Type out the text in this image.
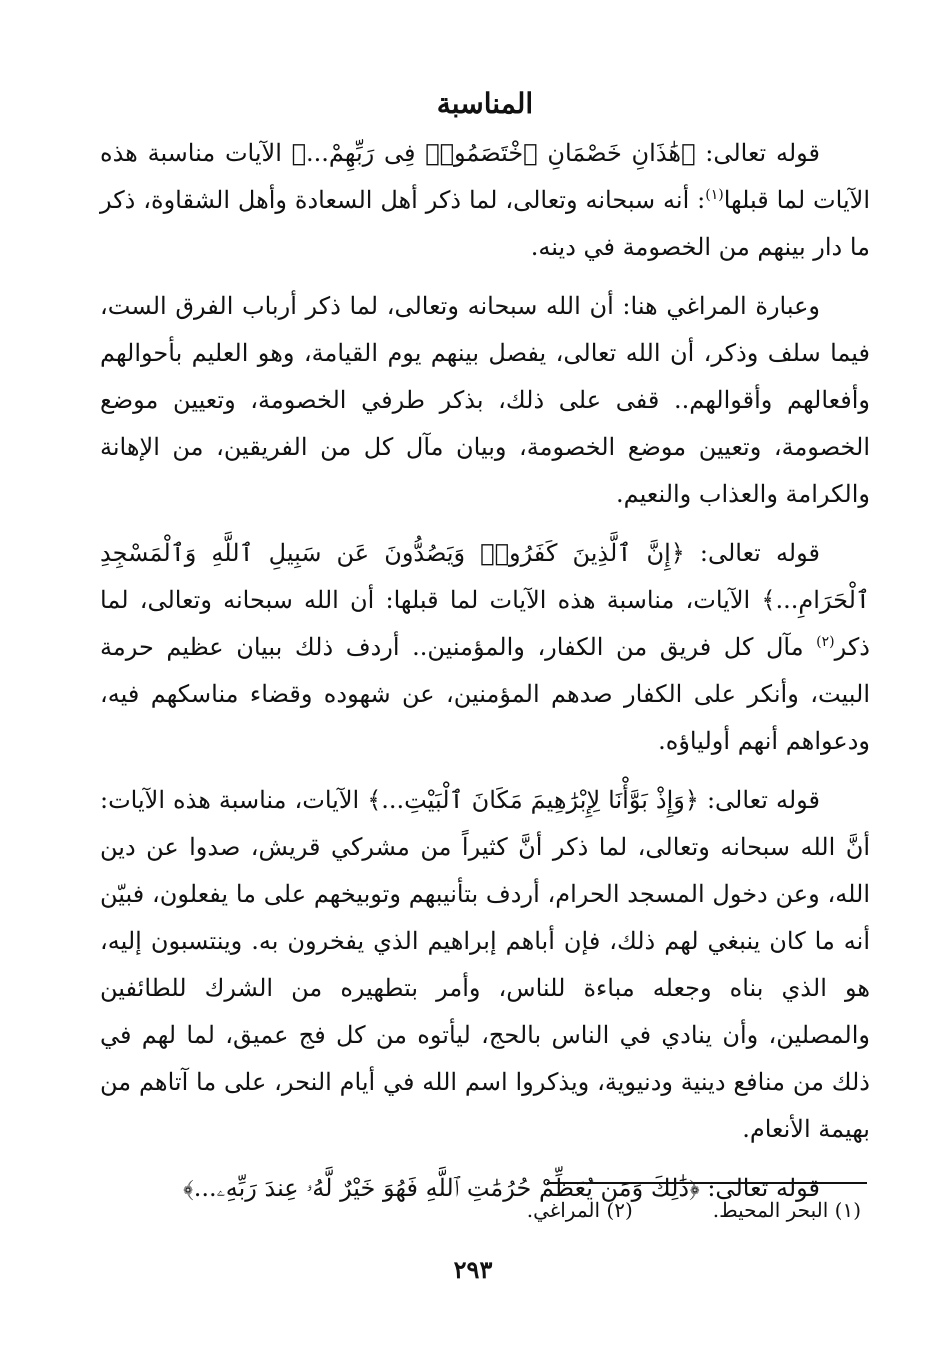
المناسبة

قوله تعالى: ﴿هَٰذَانِ خَصْمَانِ ٱخْتَصَمُوا۟ فِى رَبِّهِمْ...﴾ الآيات مناسبة هذه الآيات لما قبلها$^{(١)}$: أنه سبحانه وتعالى، لما ذكر أهل السعادة وأهل الشقاوة، ذكر ما دار بينهم من الخصومة في دينه.

وعبارة المراغي هنا: أن الله سبحانه وتعالى، لما ذكر أرباب الفرق الست، فيما سلف وذكر، أن الله تعالى، يفصل بينهم يوم القيامة، وهو العليم بأحوالهم وأفعالهم وأقوالهم.. قفى على ذلك، بذكر طرفي الخصومة، وتعيين موضع الخصومة، وتعيين موضع الخصومة، وبيان مآل كل من الفريقين، من الإهانة والكرامة والعذاب والنعيم.

قوله تعالى: ﴿إِنَّ ٱلَّذِينَ كَفَرُوا۟ وَيَصُدُّونَ عَن سَبِيلِ ٱللَّهِ وَٱلْمَسْجِدِ ٱلْحَرَامِ...﴾ الآيات، مناسبة هذه الآيات لما قبلها: أن الله سبحانه وتعالى، لما ذكر$^{(٢)}$ مآل كل فريق من الكفار، والمؤمنين.. أردف ذلك ببيان عظيم حرمة البيت، وأنكر على الكفار صدهم المؤمنين، عن شهوده وقضاء مناسكهم فيه، ودعواهم أنهم أولياؤه.

قوله تعالى: ﴿وَإِذْ بَوَّأْنَا لِإِبْرَٰهِيمَ مَكَانَ ٱلْبَيْتِ...﴾ الآيات، مناسبة هذه الآيات: أنَّ الله سبحانه وتعالى، لما ذكر أنَّ كثيراً من مشركي قريش، صدوا عن دين الله، وعن دخول المسجد الحرام، أردف بتأنيبهم وتوبيخهم على ما يفعلون، فبيّن أنه ما كان ينبغي لهم ذلك، فإن أباهم إبراهيم الذي يفخرون به. وينتسبون إليه، هو الذي بناه وجعله مباءة للناس، وأمر بتطهيره من الشرك للطائفين والمصلين، وأن ينادي في الناس بالحج، ليأتوه من كل فج عميق، لما لهم في ذلك من منافع دينية ودنيوية، ويذكروا اسم الله في أيام النحر، على ما آتاهم من بهيمة الأنعام.

قوله تعالى: ﴿ذَٰلِكَ وَمَن يُعَظِّمْ حُرُمَٰتِ ٱللَّهِ فَهُوَ خَيْرٌ لَّهُۥ عِندَ رَبِّهِۦ...﴾

(١) البحر المحيط.
(٢) المراغي.
٢٩٣
